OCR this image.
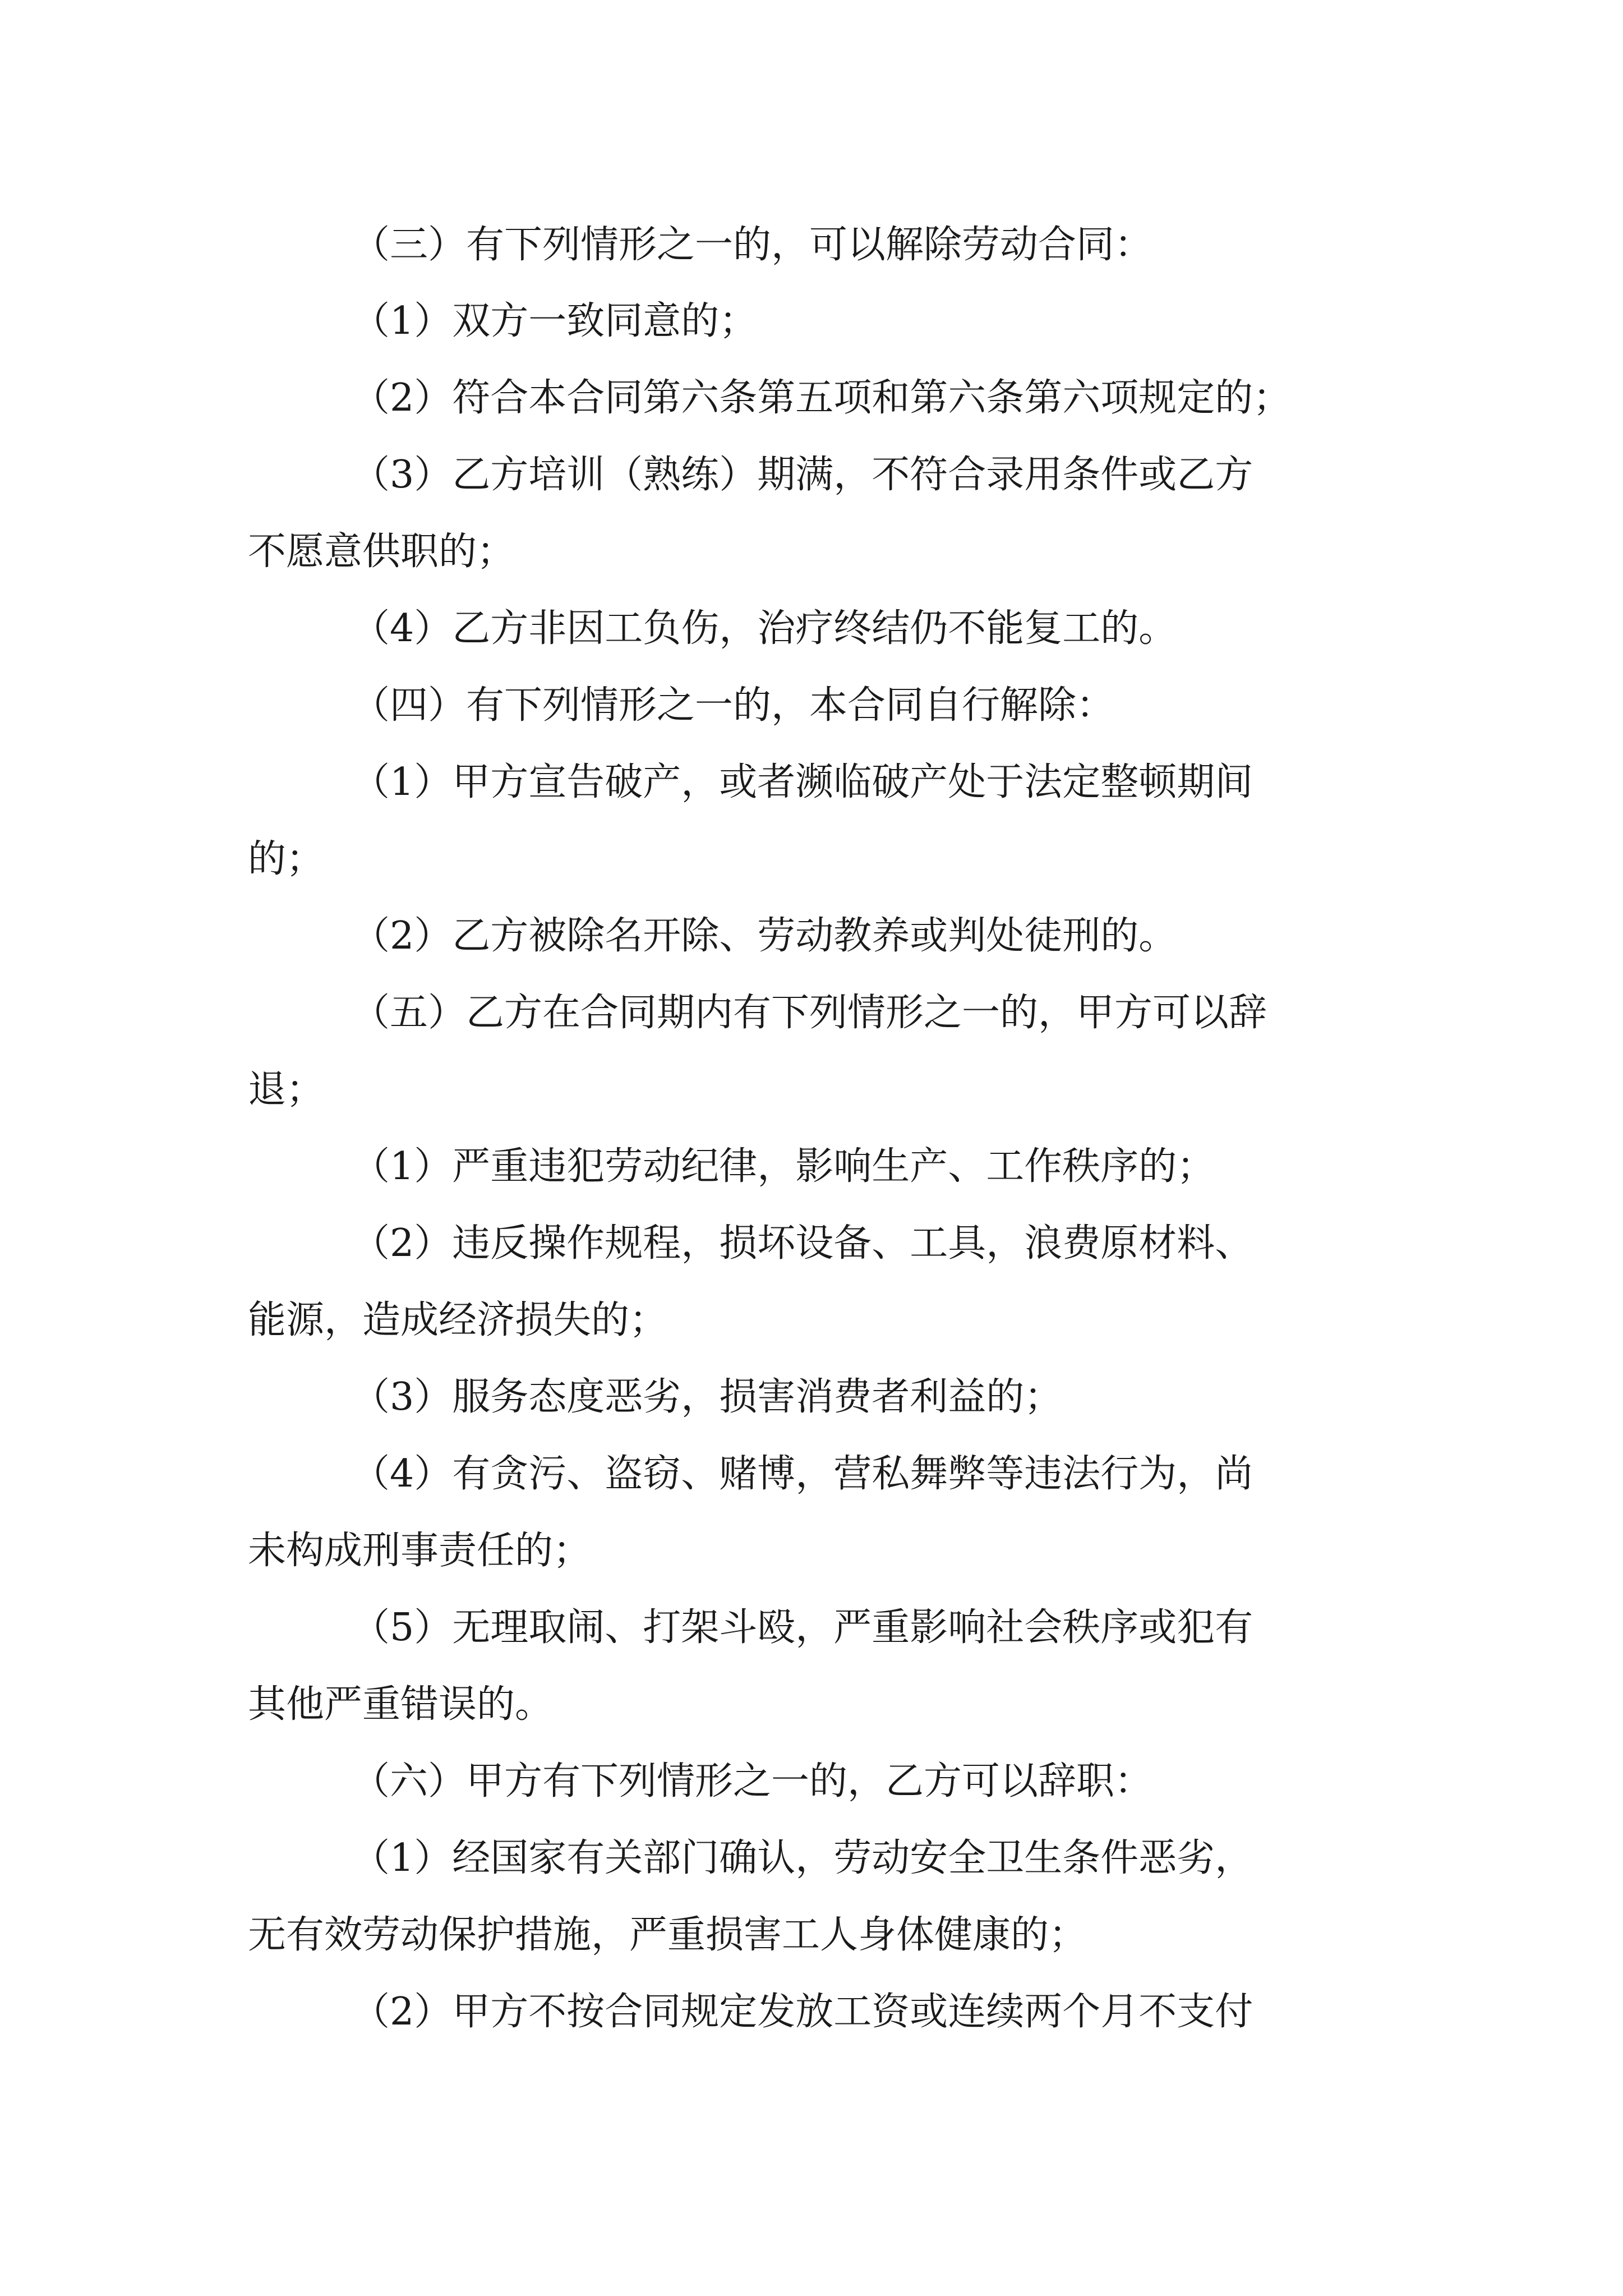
（三）有下列情形之一的，可以解除劳动合同：
（1）双方一致同意的；
（2）符合本合同第六条第五项和第六条第六项规定的；
（3）乙方培训（熟练）期满，不符合录用条件或乙方
不愿意供职的；
（4）乙方非因工负伤，治疗终结仍不能复工的。
（四）有下列情形之一的，本合同自行解除：
（1）甲方宣告破产，或者濒临破产处于法定整顿期间
的；
（2）乙方被除名开除、劳动教养或判处徒刑的。
（五）乙方在合同期内有下列情形之一的，甲方可以辞
退；
（1）严重违犯劳动纪律，影响生产、工作秩序的；
（2）违反操作规程，损坏设备、工具，浪费原材料、
能源，造成经济损失的；
（3）服务态度恶劣，损害消费者利益的；
（4）有贪污、盗窃、赌博，营私舞弊等违法行为，尚
未构成刑事责任的；
（5）无理取闹、打架斗殴，严重影响社会秩序或犯有
其他严重错误的。
（六）甲方有下列情形之一的，乙方可以辞职：
（1）经国家有关部门确认，劳动安全卫生条件恶劣，
无有效劳动保护措施，严重损害工人身体健康的；
（2）甲方不按合同规定发放工资或连续两个月不支付
